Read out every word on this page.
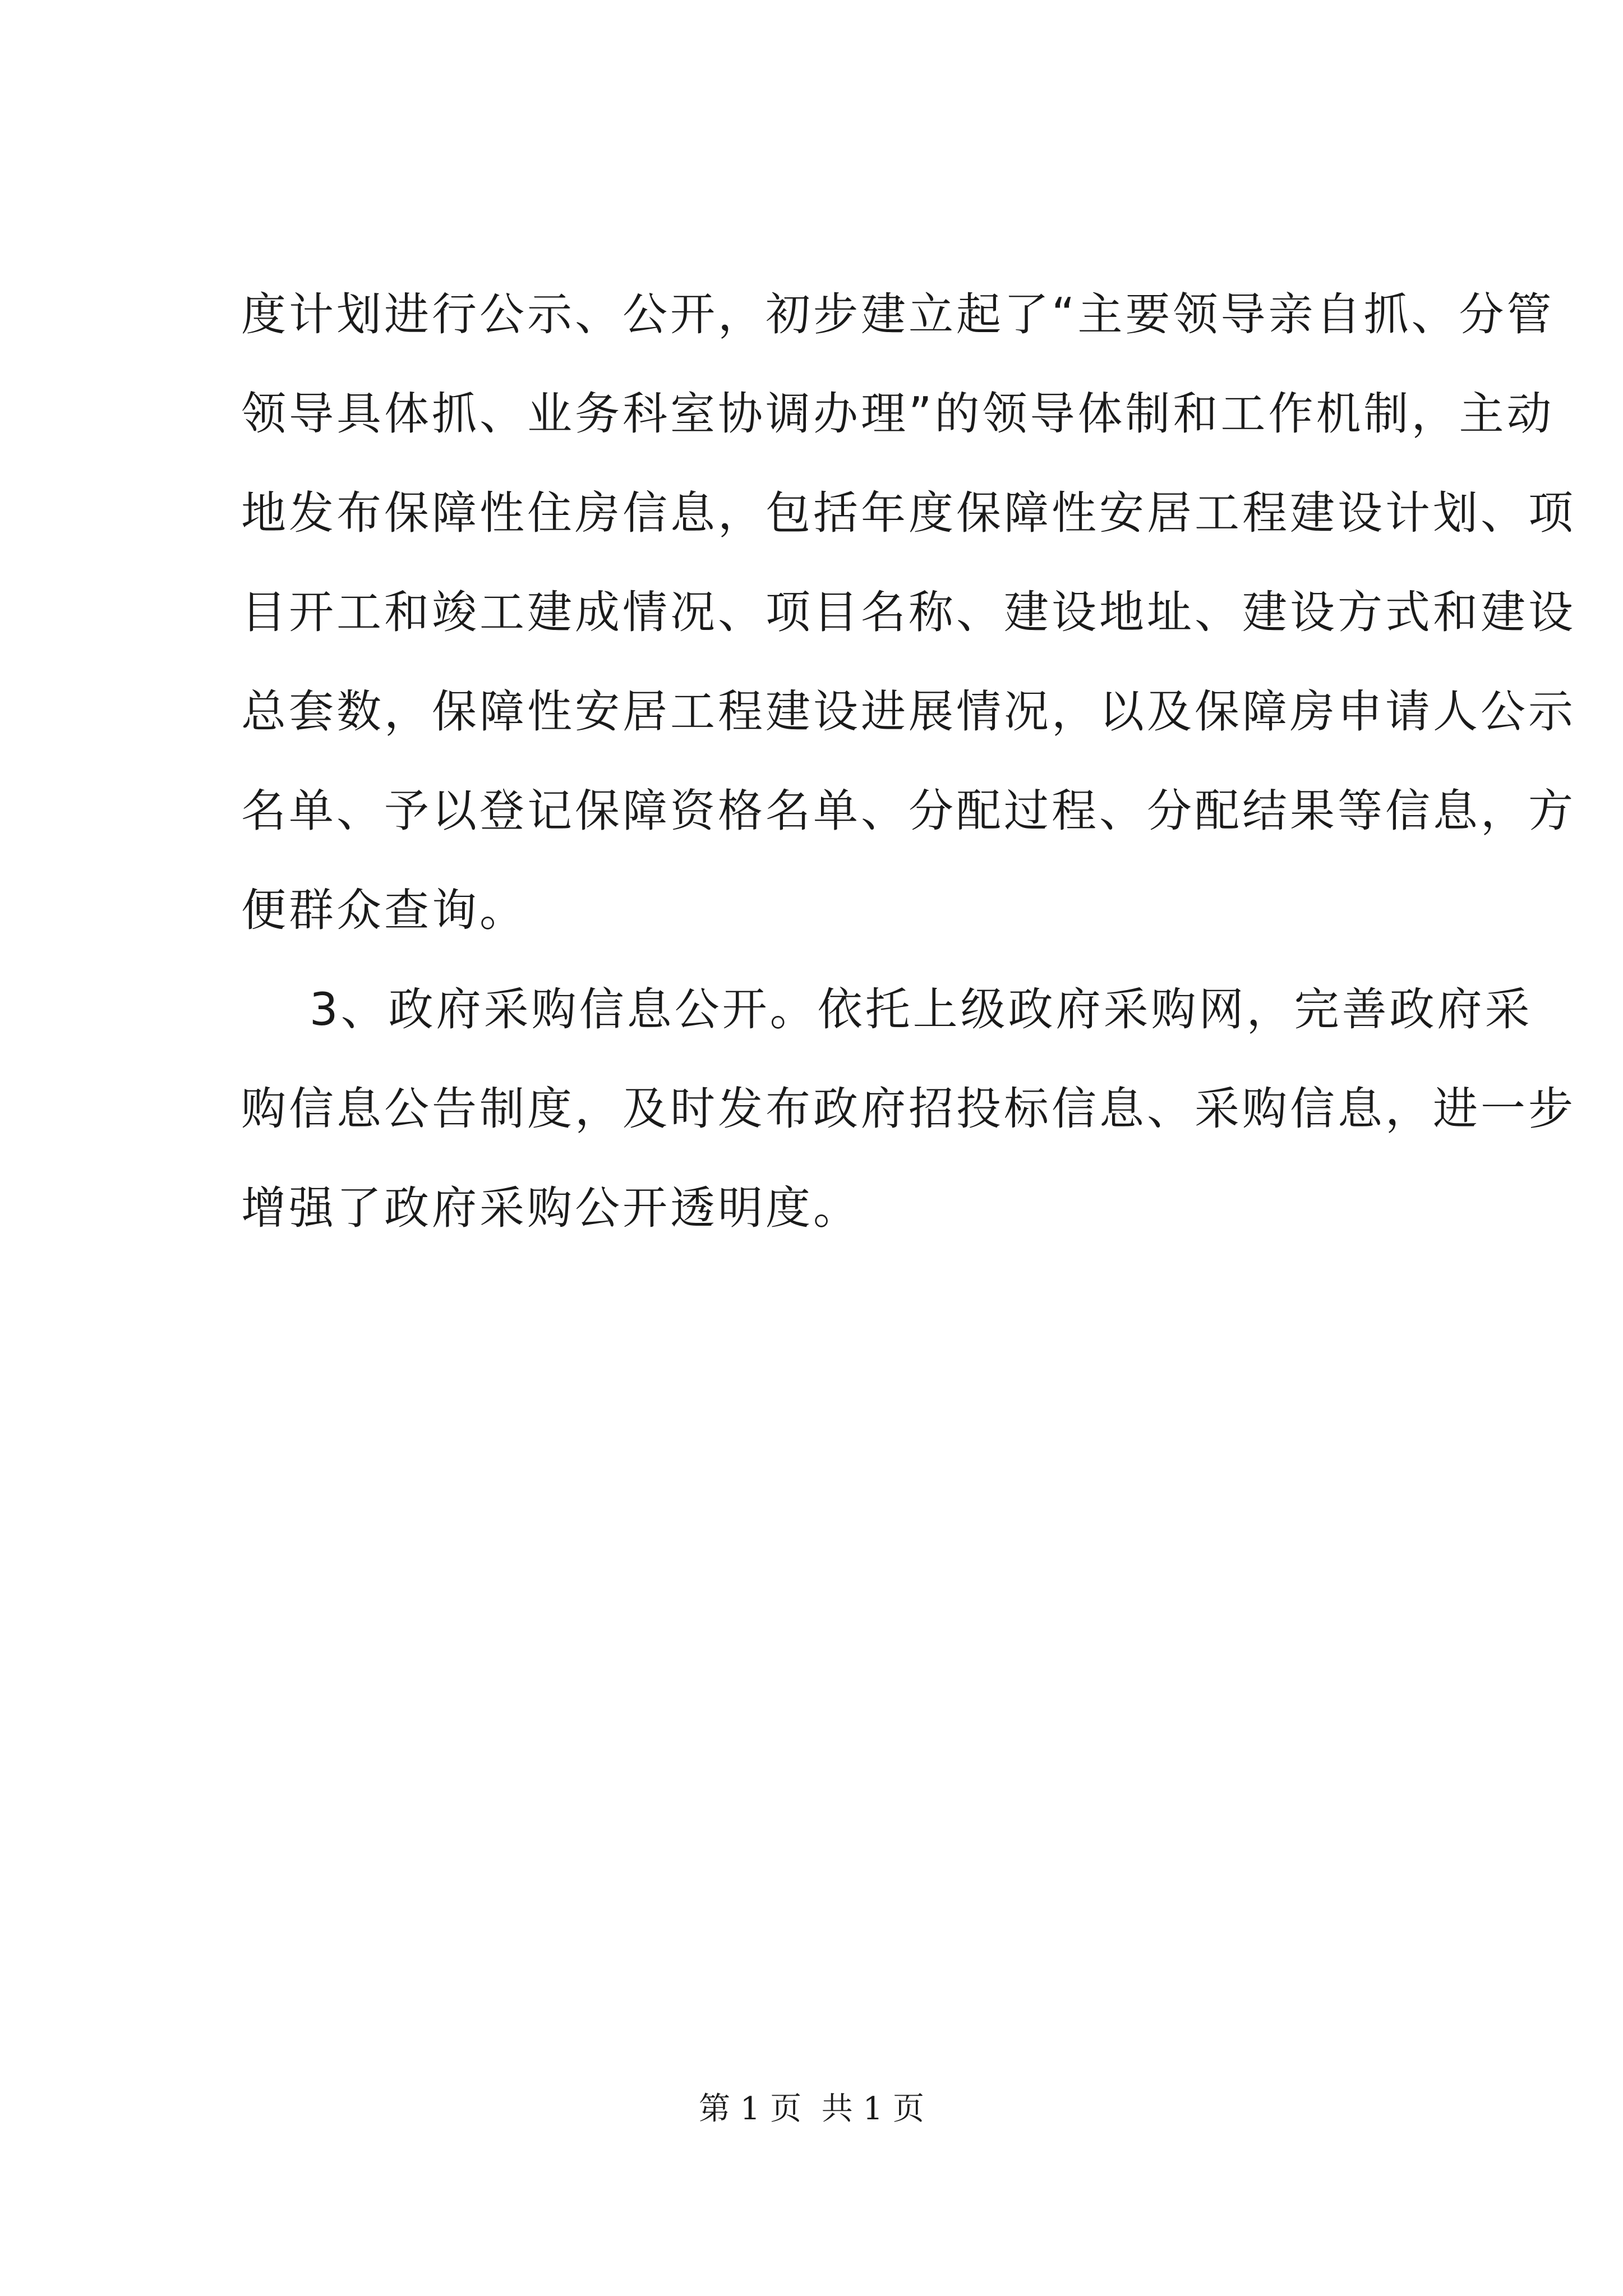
度计划进行公示、公开，初步建立起了“主要领导亲自抓、分管
领导具体抓、业务科室协调办理”的领导体制和工作机制，主动
地发布保障性住房信息，包括年度保障性安居工程建设计划、项
目开工和竣工建成情况、项目名称、建设地址、建设方式和建设
总套数，保障性安居工程建设进展情况，以及保障房申请人公示
名单、予以登记保障资格名单、分配过程、分配结果等信息，方
便群众查询。
3、政府采购信息公开。依托上级政府采购网，完善政府采
购信息公告制度，及时发布政府招投标信息、采购信息，进一步
增强了政府采购公开透明度。
第 1 页  共 1 页
